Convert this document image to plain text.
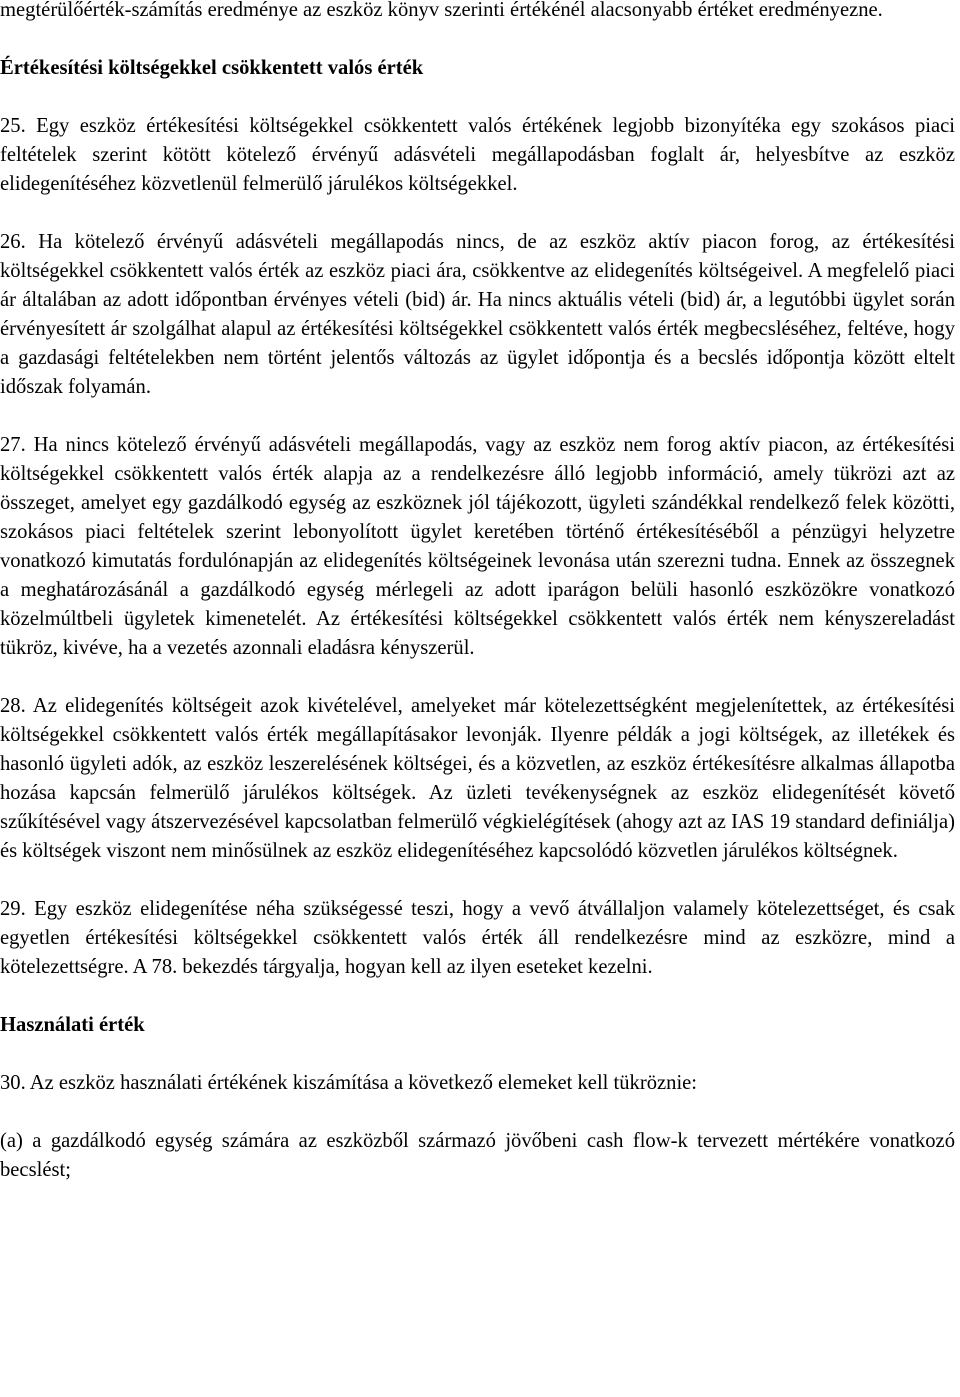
megtérülőérték-számítás eredménye az eszköz könyv szerinti értékénél alacsonyabb értéket eredményezne.

Értékesítési költségekkel csökkentett valós érték

25. Egy eszköz értékesítési költségekkel csökkentett valós értékének legjobb bizonyítéka egy szokásos piaci feltételek szerint kötött kötelező érvényű adásvételi megállapodásban foglalt ár, helyesbítve az eszköz elidegenítéséhez közvetlenül felmerülő járulékos költségekkel.

26. Ha kötelező érvényű adásvételi megállapodás nincs, de az eszköz aktív piacon forog, az értékesítési költségekkel csökkentett valós érték az eszköz piaci ára, csökkentve az elidegenítés költségeivel. A megfelelő piaci ár általában az adott időpontban érvényes vételi (bid) ár. Ha nincs aktuális vételi (bid) ár, a legutóbbi ügylet során érvényesített ár szolgálhat alapul az értékesítési költségekkel csökkentett valós érték megbecsléséhez, feltéve, hogy a gazdasági feltételekben nem történt jelentős változás az ügylet időpontja és a becslés időpontja között eltelt időszak folyamán.

27. Ha nincs kötelező érvényű adásvételi megállapodás, vagy az eszköz nem forog aktív piacon, az értékesítési költségekkel csökkentett valós érték alapja az a rendelkezésre álló legjobb információ, amely tükrözi azt az összeget, amelyet egy gazdálkodó egység az eszköznek jól tájékozott, ügyleti szándékkal rendelkező felek közötti, szokásos piaci feltételek szerint lebonyolított ügylet keretében történő értékesítéséből a pénzügyi helyzetre vonatkozó kimutatás fordulónapján az elidegenítés költségeinek levonása után szerezni tudna. Ennek az összegnek a meghatározásánál a gazdálkodó egység mérlegeli az adott iparágon belüli hasonló eszközökre vonatkozó közelmúltbeli ügyletek kimenetelét. Az értékesítési költségekkel csökkentett valós érték nem kényszereladást tükröz, kivéve, ha a vezetés azonnali eladásra kényszerül.

28. Az elidegenítés költségeit azok kivételével, amelyeket már kötelezettségként megjelenítettek, az értékesítési költségekkel csökkentett valós érték megállapításakor levonják. Ilyenre példák a jogi költségek, az illetékek és hasonló ügyleti adók, az eszköz leszerelésének költségei, és a közvetlen, az eszköz értékesítésre alkalmas állapotba hozása kapcsán felmerülő járulékos költségek. Az üzleti tevékenységnek az eszköz elidegenítését követő szűkítésével vagy átszervezésével kapcsolatban felmerülő végkielégítések (ahogy azt az IAS 19 standard definiálja) és költségek viszont nem minősülnek az eszköz elidegenítéséhez kapcsolódó közvetlen járulékos költségnek.

29. Egy eszköz elidegenítése néha szükségessé teszi, hogy a vevő átvállaljon valamely kötelezettséget, és csak egyetlen értékesítési költségekkel csökkentett valós érték áll rendelkezésre mind az eszközre, mind a kötelezettségre. A 78. bekezdés tárgyalja, hogyan kell az ilyen eseteket kezelni.

Használati érték

30. Az eszköz használati értékének kiszámítása a következő elemeket kell tükröznie:

(a) a gazdálkodó egység számára az eszközből származó jövőbeni cash flow-k tervezett mértékére vonatkozó becslést;
